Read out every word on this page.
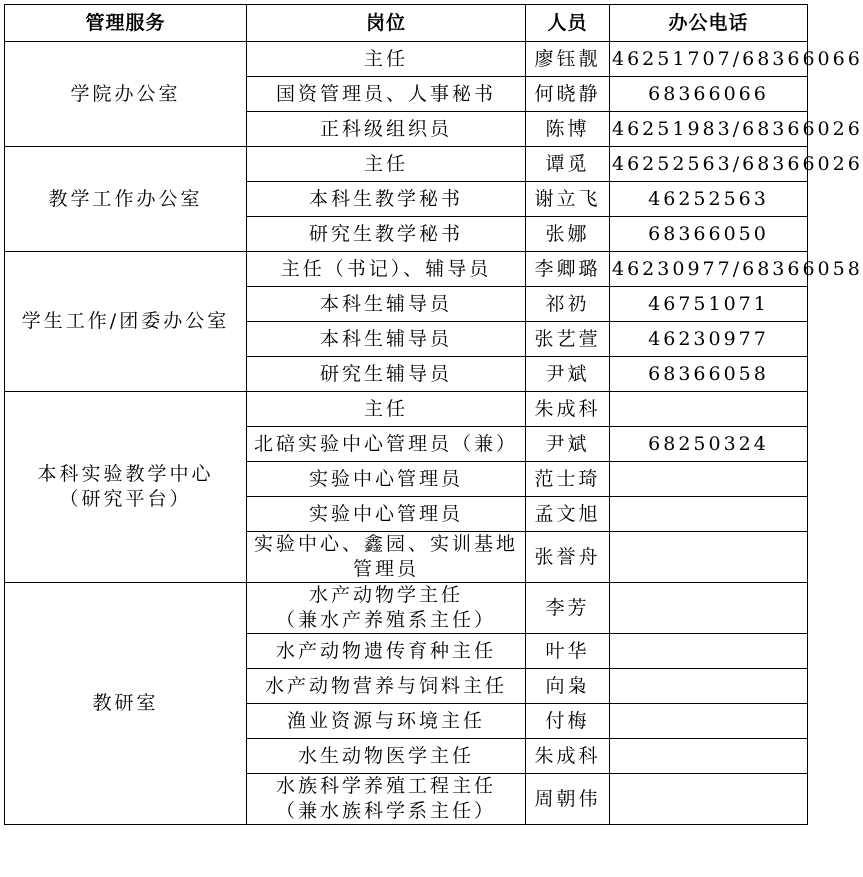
管理服务	岗位	人员	办公电话

学院办公室	主任	廖钰靓	46251707/68366066

	国资管理员、人事秘书	何晓静	68366066

	正科级组织员	陈博	46251983/68366026

教学工作办公室	主任	谭觅	46252563/68366026

	本科生教学秘书	谢立飞	46252563

	研究生教学秘书	张娜	68366050

学生工作/团委办公室	主任（书记）、辅导员	李卿璐	46230977/68366058

	本科生辅导员	祁礽	46751071

	本科生辅导员	张艺萱	46230977

	研究生辅导员	尹斌	68366058

本科实验教学中心
（研究平台）	主任	朱成科	

	北碚实验中心管理员（兼）	尹斌	68250324

	实验中心管理员	范士琦	

	实验中心管理员	孟文旭	

	实验中心、鑫园、实训基地
管理员	张誉舟	

教研室	水产动物学主任
（兼水产养殖系主任）	李芳	

	水产动物遗传育种主任	叶华	

	水产动物营养与饲料主任	向枭	

	渔业资源与环境主任	付梅	

	水生动物医学主任	朱成科	

	水族科学养殖工程主任
（兼水族科学系主任）	周朝伟	
